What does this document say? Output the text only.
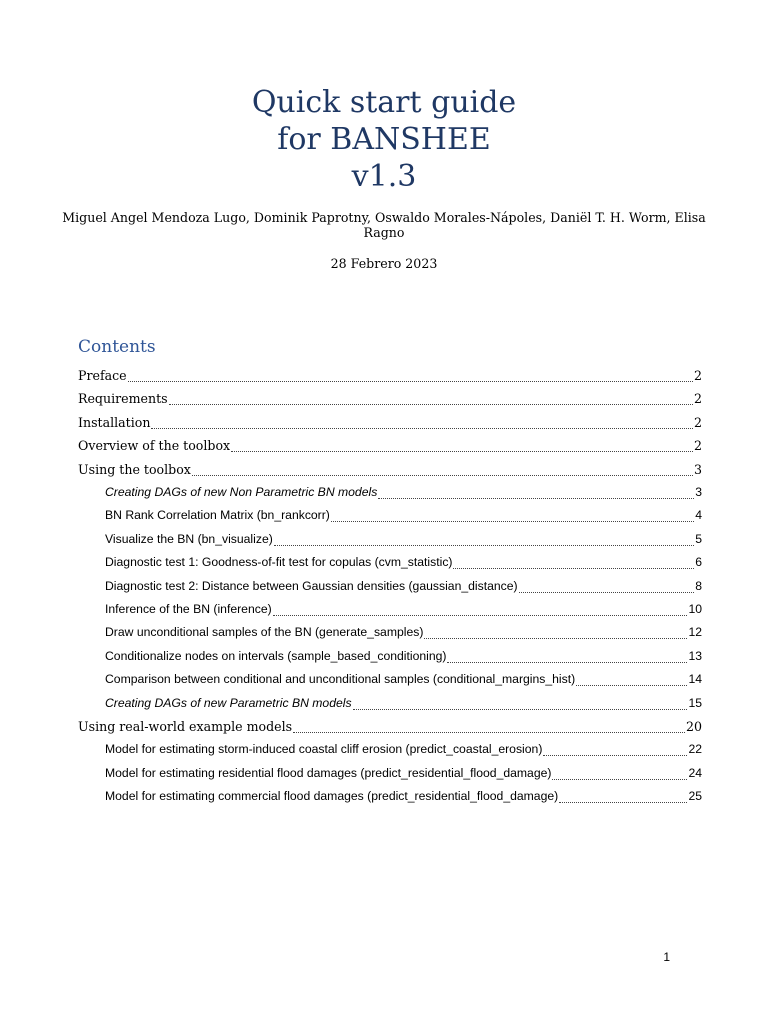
Quick start guide
for BANSHEE
v1.3
Miguel Angel Mendoza Lugo, Dominik Paprotny, Oswaldo Morales-Nápoles, Daniël T. H. Worm, Elisa Ragno
28 Febrero 2023
Contents
Preface	2
Requirements	2
Installation	2
Overview of the toolbox	2
Using the toolbox	3
Creating DAGs of new Non Parametric BN models	3
BN Rank Correlation Matrix (bn_rankcorr)	4
Visualize the BN (bn_visualize)	5
Diagnostic test 1: Goodness-of-fit test for copulas (cvm_statistic)	6
Diagnostic test 2: Distance between Gaussian densities (gaussian_distance)	8
Inference of the BN (inference)	10
Draw unconditional samples of the BN (generate_samples)	12
Conditionalize nodes on intervals (sample_based_conditioning)	13
Comparison between conditional and unconditional samples (conditional_margins_hist)	14
Creating DAGs of new Parametric BN models	15
Using real-world example models	20
Model for estimating storm-induced coastal cliff erosion (predict_coastal_erosion)	22
Model for estimating residential flood damages (predict_residential_flood_damage)	24
Model for estimating commercial flood damages (predict_residential_flood_damage)	25
1
